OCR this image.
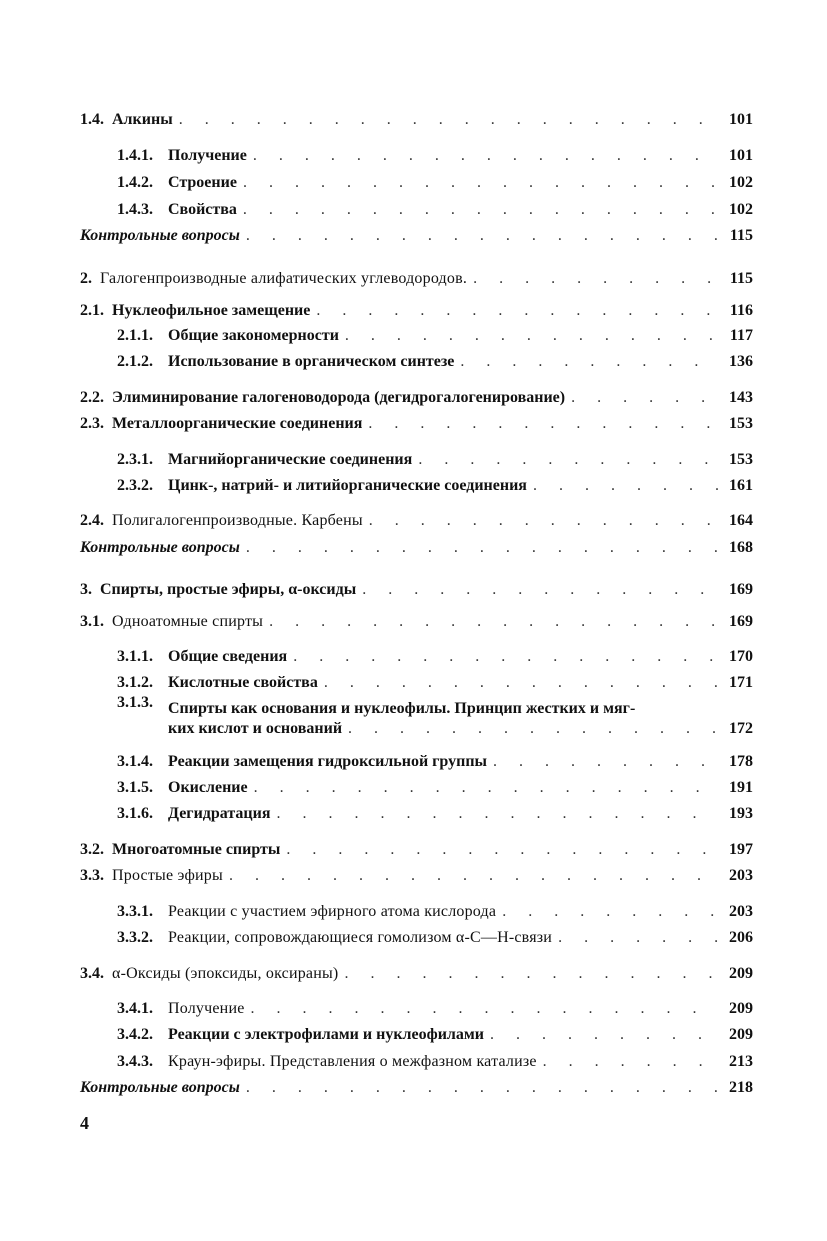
1.4. Алкины . . .	101
1.4.1. Получение . . .	101
1.4.2. Строение . . .	102
1.4.3. Свойства . . .	102
Контрольные вопросы . . .	115
2. Галогенпроизводные алифатических углеводородов. . . .	115
2.1. Нуклеофильное замещение . . .	116
2.1.1. Общие закономерности . . .	117
2.1.2. Использование в органическом синтезе . . .	136
2.2. Элиминирование галогеноводорода (дегидрогалогенирование) . . .	143
2.3. Металлоорганические соединения . . .	153
2.3.1. Магнийорганические соединения . . .	153
2.3.2. Цинк-, натрий- и литийорганические соединения . . .	161
2.4. Полигалогенпроизводные. Карбены . . .	164
Контрольные вопросы . . .	168
3. Спирты, простые эфиры, α-оксиды . . .	169
3.1. Одноатомные спирты . . .	169
3.1.1. Общие сведения . . .	170
3.1.2. Кислотные свойства . . .	171
3.1.3. Спирты как основания и нуклеофилы. Принцип жестких и мяг-
ких кислот и оснований . . .	172
3.1.4. Реакции замещения гидроксильной группы . . .	178
3.1.5. Окисление . . .	191
3.1.6. Дегидратация . . .	193
3.2. Многоатомные спирты . . .	197
3.3. Простые эфиры . . .	203
3.3.1. Реакции с участием эфирного атома кислорода . . .	203
3.3.2. Реакции, сопровождающиеся гомолизом α-С—Н-связи . . .	206
3.4. α-Оксиды (эпоксиды, оксираны) . . .	209
3.4.1. Получение . . .	209
3.4.2. Реакции с электрофилами и нуклеофилами . . .	209
3.4.3. Краун-эфиры. Представления о межфазном катализе . . .	213
Контрольные вопросы . . .	218
4
